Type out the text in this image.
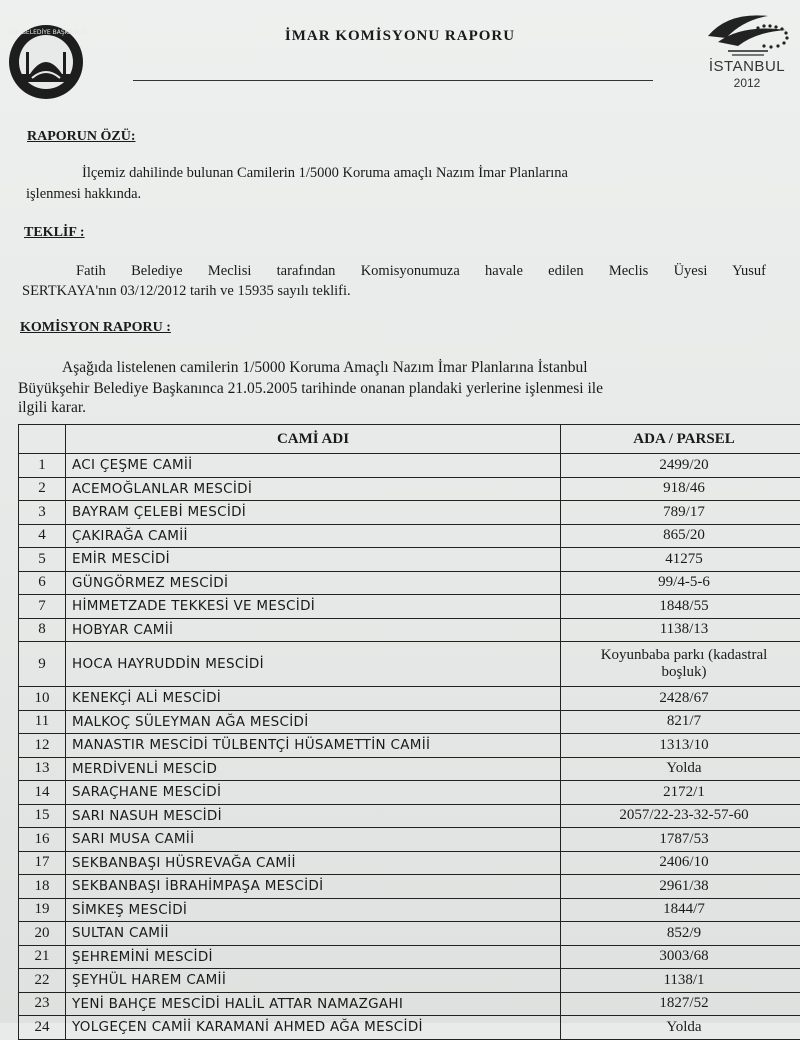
FATİH BELEDİYE BAŞKANLIĞI	İMAR KOMİSYONU RAPORU
İSTANBUL
2012
RAPORUN ÖZÜ:
İlçemiz dahilinde bulunan Camilerin 1/5000 Koruma amaçlı Nazım İmar Planlarına
işlenmesi hakkında.
TEKLİF :
Fatih Belediye Meclisi tarafından Komisyonumuza havale edilen Meclis Üyesi Yusuf
SERTKAYA'nın 03/12/2012 tarih ve 15935 sayılı teklifi.
KOMİSYON RAPORU :
Aşağıda listelenen camilerin 1/5000 Koruma Amaçlı Nazım İmar Planlarına İstanbul
Büyükşehir Belediye Başkanınca 21.05.2005 tarihinde onanan plandaki yerlerine işlenmesi ile
ilgili karar.
	CAMİ ADI	ADA / PARSEL
1	ACI ÇEŞME CAMİİ	2499/20
2	ACEMOĞLANLAR MESCİDİ	918/46
3	BAYRAM ÇELEBİ MESCİDİ	789/17
4	ÇAKIRAĞA CAMİİ	865/20
5	EMİR MESCİDİ	41275
6	GÜNGÖRMEZ MESCİDİ	99/4-5-6
7	HİMMETZADE TEKKESİ VE MESCİDİ	1848/55
8	HOBYAR CAMİİ	1138/13
9	HOCA HAYRUDDİN MESCİDİ	Koyunbaba parkı (kadastral
boşluk)

10	KENEKÇİ ALİ MESCİDİ	2428/67
11	MALKOÇ SÜLEYMAN AĞA MESCİDİ	821/7
12	MANASTIR MESCİDİ TÜLBENTÇİ HÜSAMETTİN CAMİİ	1313/10
13	MERDİVENLİ MESCİD	Yolda
14	SARAÇHANE MESCİDİ	2172/1
15	SARI NASUH MESCİDİ	2057/22-23-32-57-60
16	SARI MUSA CAMİİ	1787/53
17	SEKBANBAŞI HÜSREVAĞA CAMİİ	2406/10
18	SEKBANBAŞI İBRAHİMPAŞA MESCİDİ	2961/38
19	SİMKEŞ MESCİDİ	1844/7
20	SULTAN CAMİİ	852/9
21	ŞEHREMİNİ MESCİDİ	3003/68
22	ŞEYHÜL HAREM CAMİİ	1138/1
23	YENİ BAHÇE MESCİDİ HALİL ATTAR NAMAZGAHI	1827/52
24	YOLGEÇEN CAMİİ KARAMANİ AHMED AĞA MESCİDİ	Yolda
